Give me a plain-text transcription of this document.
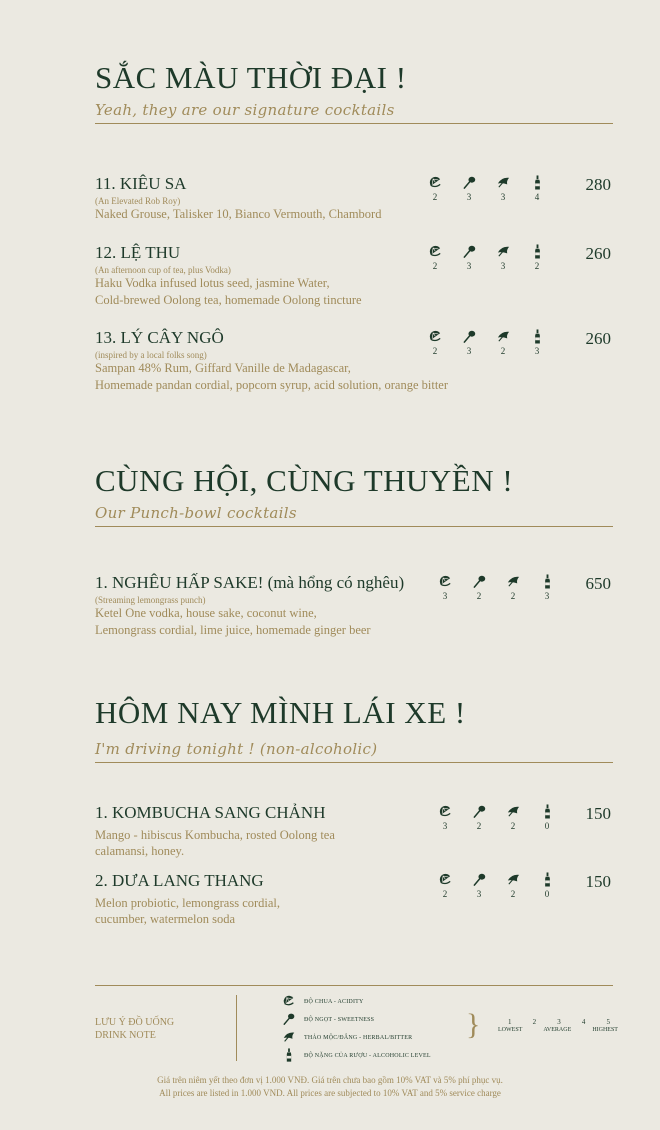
SẮC MÀU THỜI ĐẠI !
Yeah, they are our signature cocktails
11. KIÊU SA
(An Elevated Rob Roy)
Naked Grouse, Talisker 10, Bianco Vermouth, Chambord
2	3	3	4
280
12. LỆ THU
(An afternoon cup of tea, plus Vodka)
Haku Vodka infused lotus seed, jasmine Water,
Cold-brewed Oolong tea, homemade Oolong tincture
2	3	3	2
260
13. LÝ CÂY NGÔ
(inspired by a local folks song)
Sampan 48% Rum, Giffard Vanille de Madagascar,
Homemade pandan cordial, popcorn syrup, acid solution, orange bitter
2	3	2	3
260
CÙNG HỘI, CÙNG THUYỀN !
Our Punch-bowl cocktails
1. NGHÊU HẤP SAKE! (mà hổng có nghêu)
(Streaming lemongrass punch)
Ketel One vodka, house sake, coconut wine,
Lemongrass cordial, lime juice, homemade ginger beer
3	2	2	3
650
HÔM NAY MÌNH LÁI XE !
I'm driving tonight ! (non-alcoholic)
1. KOMBUCHA SANG CHẢNH
Mango - hibiscus Kombucha, rosted Oolong tea
calamansi, honey.
3	2	2	0
150
2. DƯA LANG THANG
Melon probiotic, lemongrass cordial,
cucumber, watermelon soda
2	3	2	0
150
LƯU Ý ĐỒ UỐNG
DRINK NOTE
ĐỘ CHUA - ACIDITY
ĐỘ NGỌT - SWEETNESS
THẢO MỘC/ĐẮNG - HERBAL/BITTER
ĐỘ NẶNG CỦA RƯỢU - ALCOHOLIC LEVEL
}	1	2	3	4	5
LOWEST	AVERAGE	HIGHEST
Giá trên niêm yết theo đơn vị 1.000 VNĐ. Giá trên chưa bao gồm 10% VAT và 5% phí phục vụ.
All prices are listed in 1.000 VND. All prices are subjected to 10% VAT and 5% service charge
